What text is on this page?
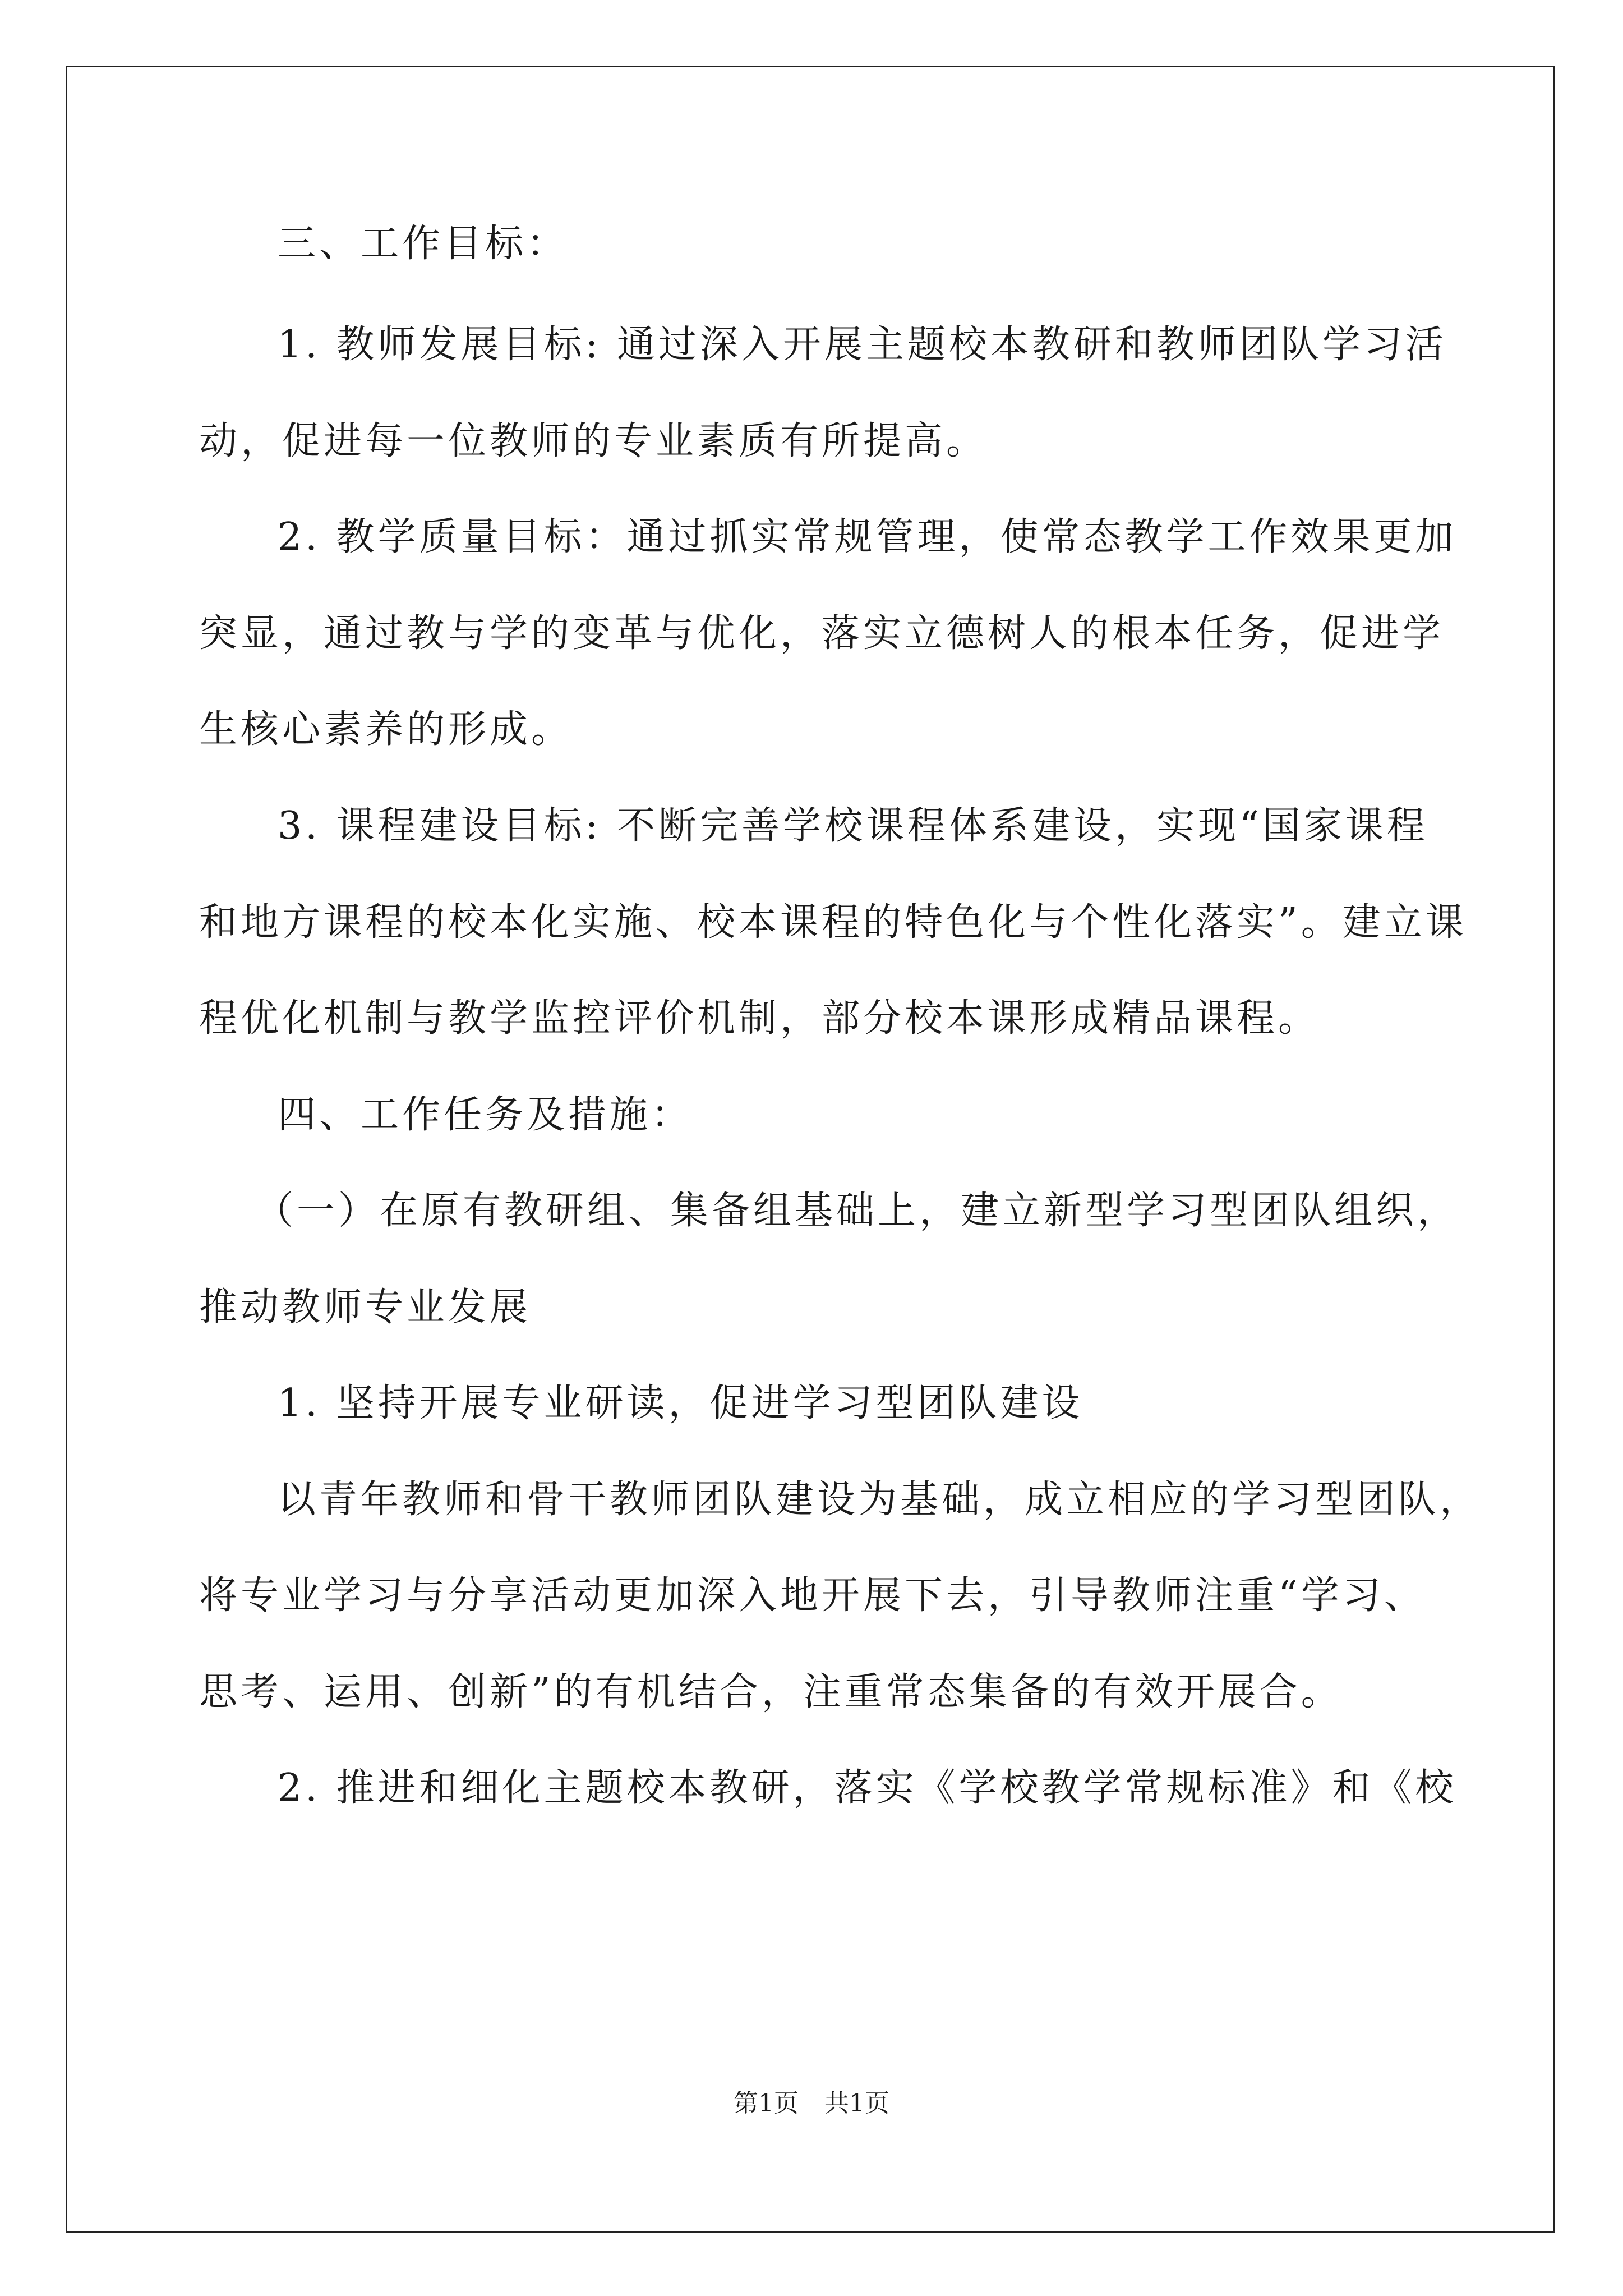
三、工作目标：
1. 教师发展目标: 通过深入开展主题校本教研和教师团队学习活
动，促进每一位教师的专业素质有所提高。
2. 教学质量目标：通过抓实常规管理，使常态教学工作效果更加
突显，通过教与学的变革与优化，落实立德树人的根本任务，促进学
生核心素养的形成。
3. 课程建设目标: 不断完善学校课程体系建设，实现“国家课程
和地方课程的校本化实施、校本课程的特色化与个性化落实”。建立课
程优化机制与教学监控评价机制，部分校本课形成精品课程。
四、工作任务及措施：
（一）在原有教研组、集备组基础上，建立新型学习型团队组织，
推动教师专业发展
1. 坚持开展专业研读，促进学习型团队建设
以青年教师和骨干教师团队建设为基础，成立相应的学习型团队，
将专业学习与分享活动更加深入地开展下去，引导教师注重“学习、
思考、运用、创新”的有机结合，注重常态集备的有效开展合。
2. 推进和细化主题校本教研，落实《学校教学常规标准》和《校
第1页 共1页
